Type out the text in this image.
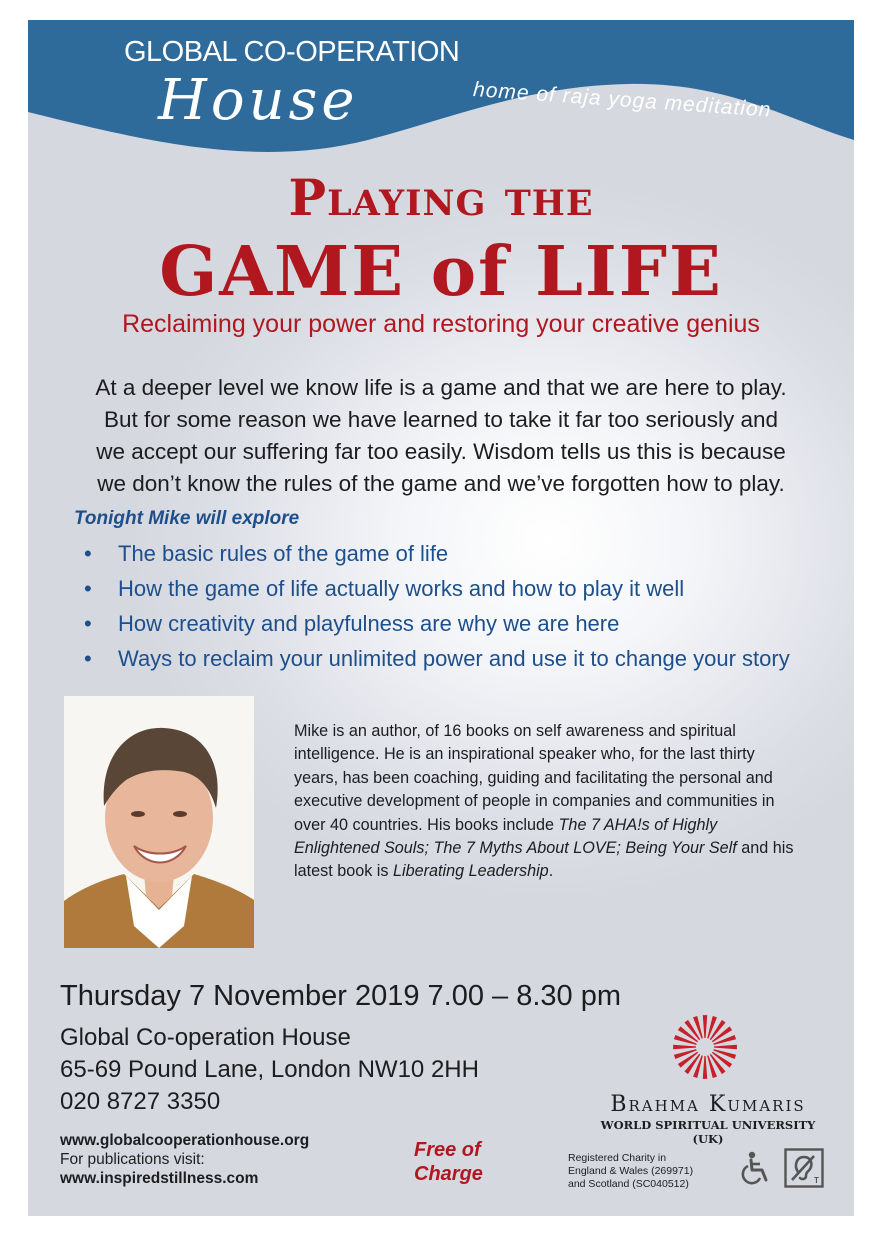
GLOBAL CO-OPERATION
House	home of raja yoga meditation
Playing the
GAME of LIFE
Reclaiming your power and restoring your creative genius
At a deeper level we know life is a game and that we are here to play.
But for some reason we have learned to take it far too seriously and
we accept our suffering far too easily. Wisdom tells us this is because
we don’t know the rules of the game and we’ve forgotten how to play.
Tonight Mike will explore
• The basic rules of the game of life
• How the game of life actually works and how to play it well
• How creativity and playfulness are why we are here
• Ways to reclaim your unlimited power and use it to change your story
Mike is an author, of 16 books on self awareness and spiritual intelligence. He is an inspirational speaker who, for the last thirty years, has been coaching, guiding and facilitating the personal and executive development of people in companies and communities in over 40 countries. His books include The 7 AHA!s of Highly Enlightened Souls; The 7 Myths About LOVE; Being Your Self and his latest book is Liberating Leadership.
Thursday 7 November 2019 7.00 – 8.30 pm
Global Co-operation House
65-69 Pound Lane, London NW10 2HH
020 8727 3350
www.globalcooperationhouse.org
For publications visit:
www.inspiredstillness.com
Free of
Charge
Brahma Kumaris
WORLD SPIRITUAL UNIVERSITY (UK)
Registered Charity in
England & Wales (269971)
and Scotland (SC040512)	T
